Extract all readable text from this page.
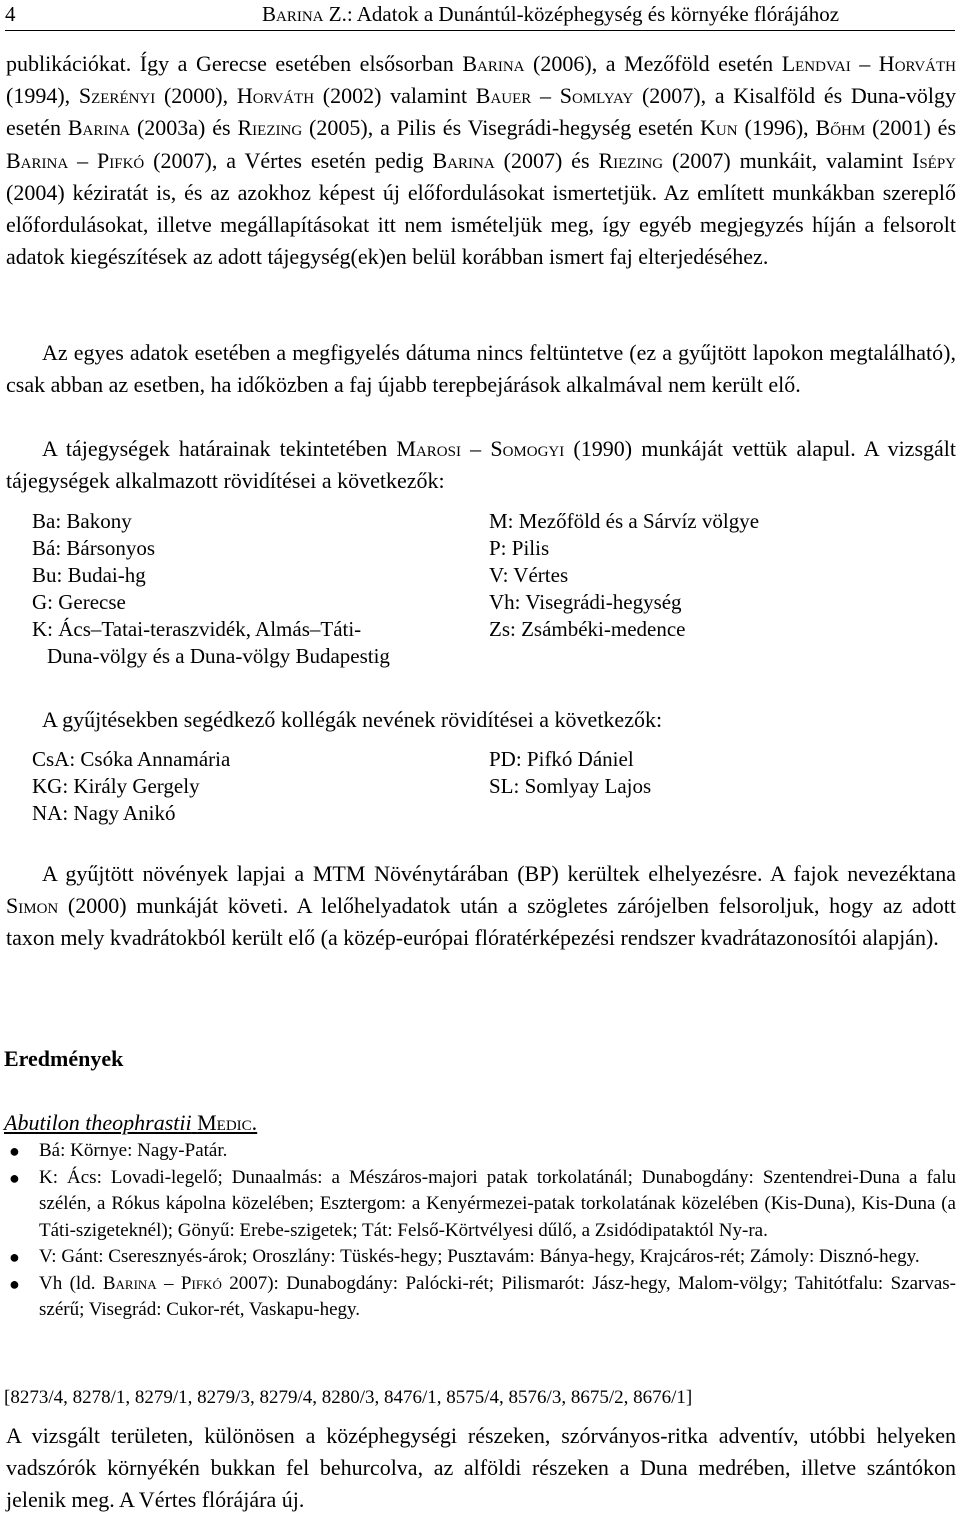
4	Barina Z.: Adatok a Dunántúl-középhegység és környéke flórájához

publikációkat. Így a Gerecse esetében elsősorban Barina (2006), a Mezőföld esetén Lendvai – Horváth (1994), Szerényi (2000), Horváth (2002) valamint Bauer – Somlyay (2007), a Kisalföld és Duna-völgy esetén Barina (2003a) és Riezing (2005), a Pilis és Visegrádi-hegység esetén Kun (1996), Bőhm (2001) és Barina – Pifkó (2007), a Vértes esetén pedig Barina (2007) és Riezing (2007) munkáit, valamint Isépy (2004) kéziratát is, és az azokhoz képest új előfordulásokat ismertetjük. Az említett munkákban szereplő előfordulásokat, illetve megállapításokat itt nem ismételjük meg, így egyéb megjegyzés híján a felsorolt adatok kiegészítések az adott tájegység(ek)en belül korábban ismert faj elterjedéséhez.

Az egyes adatok esetében a megfigyelés dátuma nincs feltüntetve (ez a gyűjtött lapokon megtalálható), csak abban az esetben, ha időközben a faj újabb terepbejárások alkalmával nem került elő.

A tájegységek határainak tekintetében Marosi – Somogyi (1990) munkáját vettük alapul. A vizsgált tájegységek alkalmazott rövidítései a következők:

Ba: Bakony
Bá: Bársonyos
Bu: Budai-hg
G: Gerecse
K: Ács–Tatai-teraszvidék, Almás–Táti-
Duna-völgy és a Duna-völgy Budapestig
M: Mezőföld és a Sárvíz völgye
P: Pilis
V: Vértes
Vh: Visegrádi-hegység
Zs: Zsámbéki-medence

A gyűjtésekben segédkező kollégák nevének rövidítései a következők:

CsA: Csóka Annamária
KG: Király Gergely
NA: Nagy Anikó
PD: Pifkó Dániel
SL: Somlyay Lajos

A gyűjtött növények lapjai a MTM Növénytárában (BP) kerültek elhelyezésre. A fajok nevezéktana Simon (2000) munkáját követi. A lelőhelyadatok után a szögletes zárójelben felsoroljuk, hogy az adott taxon mely kvadrátokból került elő (a közép-európai flóratérképezési rendszer kvadrátazonosítói alapján).

Eredmények
Abutilon theophrastii Medic.
● Bá: Környe: Nagy-Patár.
● K: Ács: Lovadi-legelő; Dunaalmás: a Mészáros-majori patak torkolatánál; Dunabogdány: Szentendrei-Duna a falu szélén, a Rókus kápolna közelében; Esztergom: a Kenyérmezei-patak torkolatának közelében (Kis-Duna), Kis-Duna (a Táti-szigeteknél); Gönyű: Erebe-szigetek; Tát: Felső-Körtvélyesi dűlő, a Zsidódipataktól Ny-ra.
● V: Gánt: Cseresznyés-árok; Oroszlány: Tüskés-hegy; Pusztavám: Bánya-hegy, Krajcáros-rét; Zámoly: Disznó-hegy.
● Vh (ld. Barina – Pifkó 2007): Dunabogdány: Palócki-rét; Pilismarót: Jász-hegy, Malom-völgy; Tahitótfalu: Szarvas-szérű; Visegrád: Cukor-rét, Vaskapu-hegy.
[8273/4, 8278/1, 8279/1, 8279/3, 8279/4, 8280/3, 8476/1, 8575/4, 8576/3, 8675/2, 8676/1]

A vizsgált területen, különösen a középhegységi részeken, szórványos-ritka adventív, utóbbi helyeken vadszórók környékén bukkan fel behurcolva, az alföldi részeken a Duna medrében, illetve szántókon jelenik meg. A Vértes flórájára új.
